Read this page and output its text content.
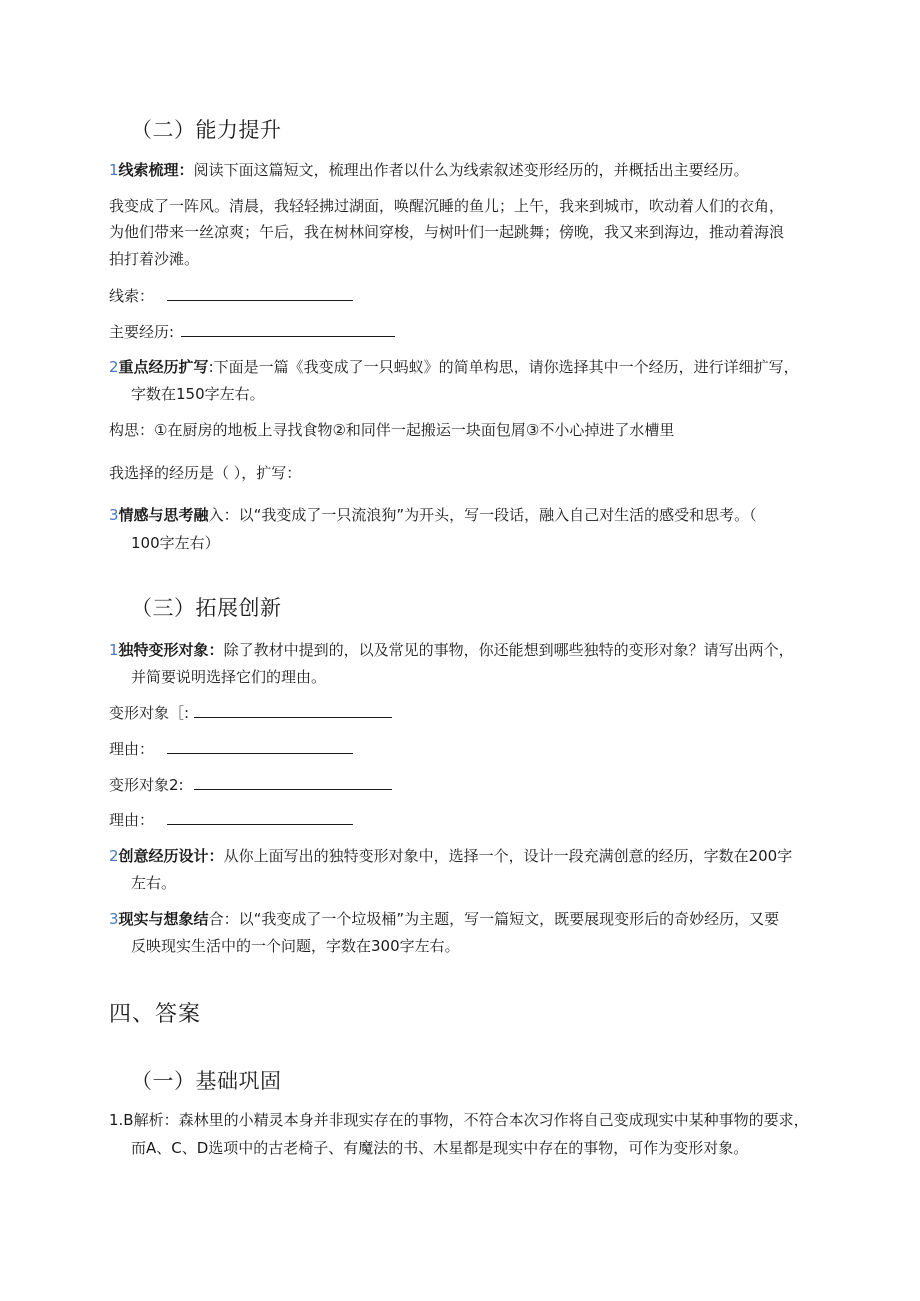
（二）能力提升
1线索梳理：阅读下面这篇短文，梳理出作者以什么为线索叙述变形经历的，并概括出主要经历。
我变成了一阵风。清晨，我轻轻拂过湖面，唤醒沉睡的鱼儿；上午，我来到城市，吹动着人们的衣角，
为他们带来一丝凉爽；午后，我在树林间穿梭，与树叶们一起跳舞；傍晚，我又来到海边，推动着海浪
拍打着沙滩。
线索：
主要经历:
2重点经历扩写:下面是一篇《我变成了一只蚂蚁》的简单构思，请你选择其中一个经历，进行详细扩写，
字数在150字左右。
构思：①在厨房的地板上寻找食物②和同伴一起搬运一块面包屑③不小心掉进了水槽里
我选择的经历是（ ），扩写：
3情感与思考融入：以“我变成了一只流浪狗”为开头，写一段话，融入自己对生活的感受和思考。（
100字左右）
（三）拓展创新
1独特变形对象：除了教材中提到的，以及常见的事物，你还能想到哪些独特的变形对象？请写出两个，
并简要说明选择它们的理由。
变形对象［:
理由：
变形对象2:
理由：
2创意经历设计：从你上面写出的独特变形对象中，选择一个，设计一段充满创意的经历，字数在200字
左右。
3现实与想象结合：以“我变成了一个垃圾桶”为主题，写一篇短文，既要展现变形后的奇妙经历，又要
反映现实生活中的一个问题，字数在300字左右。
四、答案
（一）基础巩固
1.B解析：森林里的小精灵本身并非现实存在的事物，不符合本次习作将自己变成现实中某种事物的要求，
而A、C、D选项中的古老椅子、有魔法的书、木星都是现实中存在的事物，可作为变形对象。
